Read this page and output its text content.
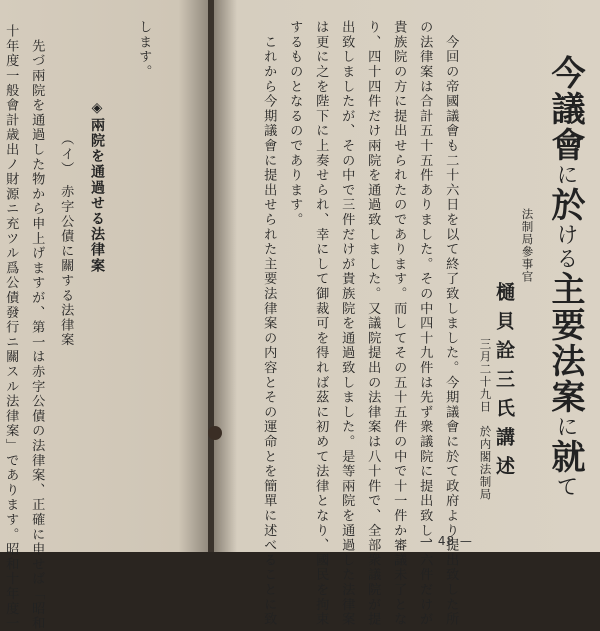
します。
◈兩院を通過せる法律案
（イ）　赤字公債に關する法律案
　先づ兩院を通過した物から申上げますが、第一は赤字公債の法律案、正確に申せば「昭和
十年度一般會計歳出ノ財源ニ充ツル爲公債發行ニ關スル法律案」であります。昭和十年度一	今議會に於ける主要法案に就て
法制局參事官
樋貝詮三氏講述
三月二十九日　於内閣法制局
　今回の帝國議會も二十六日を以て終了致しました。今期議會に於て政府より提出致した所
の法律案は合計五十五件ありました。その中四十九件は先ず衆議院に提出致し、六件だけが
貴族院の方に提出せられたのであります。而してその五十五件の中で十一件か審議未了とな
り、四十四件だけ兩院を通過致しました。又議院提出の法律案は八十件で、全部衆議院が提
出致しましたが、その中で三件だけが貴族院を通過致しました。是等兩院を通過した法律案
は更に之を陛下に上奏せられ、幸にして御裁可を得れば茲に初めて法律となり、國民を拘束
するものとなるのであります。
　これから今期議會に提出せられた主要法律案の内容とその運命とを簡單に述べることに致	— 48 —
